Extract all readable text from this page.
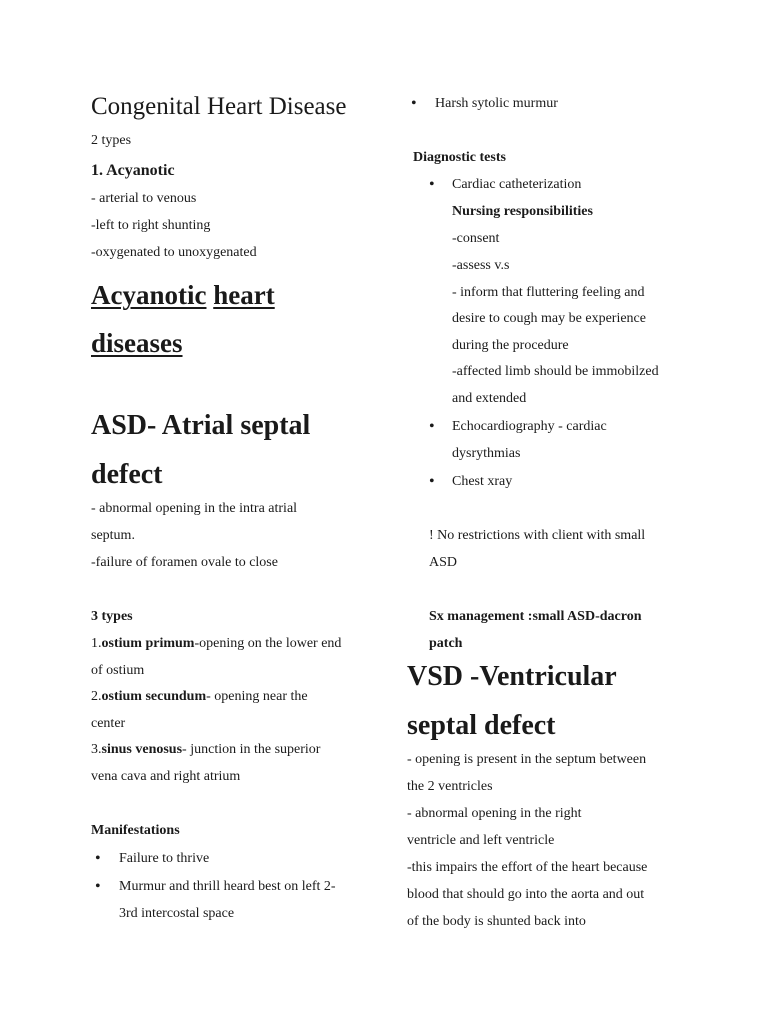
Congenital Heart Disease
2 types
1. Acyanotic
- arterial to venous
-left to right shunting
-oxygenated to unoxygenated
Acyanotic heart
diseases
ASD- Atrial septal
defect
- abnormal opening in the intra atrial
septum.
-failure of foramen ovale to close
3 types
1.ostium primum-opening on the lower end
of ostium
2.ostium secundum- opening near the
center
3.sinus venosus- junction in the superior
vena cava and right atrium
Manifestations
• Failure to thrive
• Murmur and thrill heard best on left 2-
3rd intercostal space
• Harsh sytolic murmur
Diagnostic tests
• Cardiac catheterization
Nursing responsibilities
-consent
-assess v.s
- inform that fluttering feeling and
desire to cough may be experience
during the procedure
-affected limb should be immobilzed
and extended
• Echocardiography - cardiac
dysrythmias
• Chest xray
! No restrictions with client with small
ASD
Sx management :small ASD-dacron
patch
VSD -Ventricular
septal defect
- opening is present in the septum between
the 2 ventricles
- abnormal opening in the right
ventricle and left ventricle
-this impairs the effort of the heart because
blood that should go into the aorta and out
of the body is shunted back into
